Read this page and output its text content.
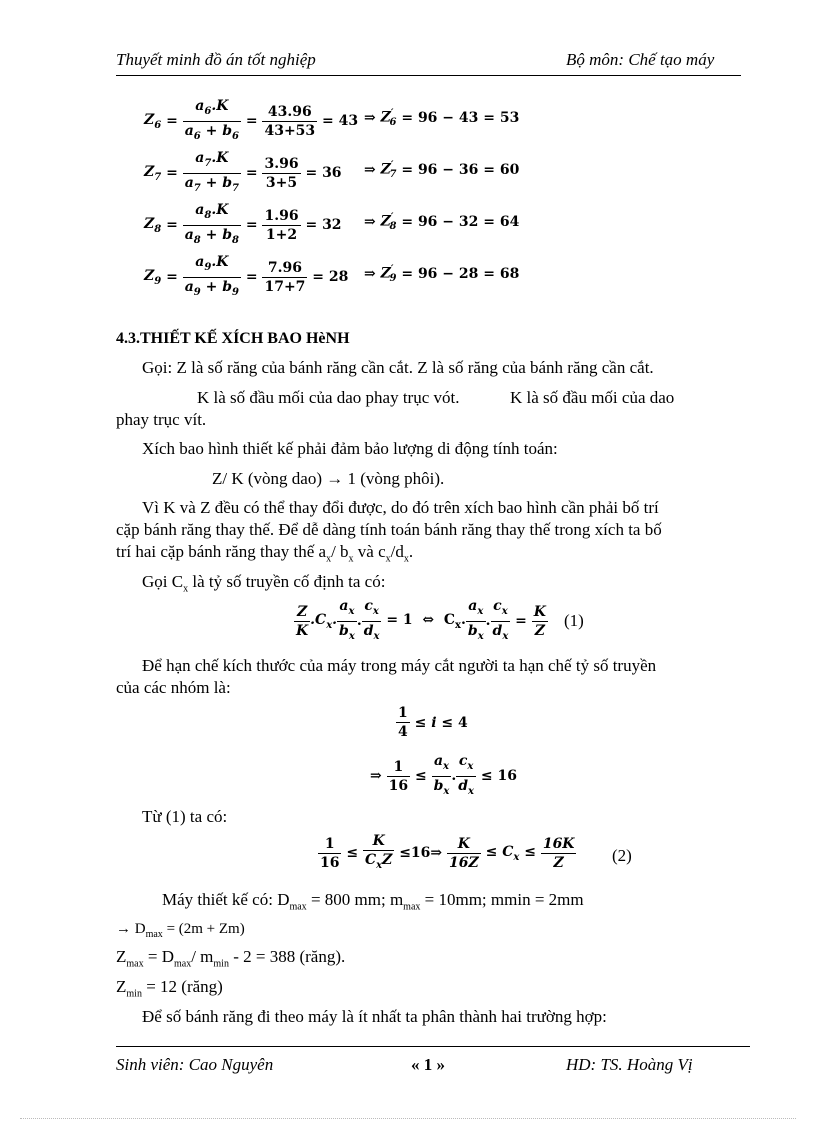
Thuyết minh đồ án tốt nghiệp	Bộ môn: Chế tạo máy
$Z_6 = \frac{a_6.K}{a_6 + b_6} = \frac{43.96}{43+53} = 43$ ⇒ $Z'_6 = 96 - 43 = 53$
$Z_7 = \frac{a_7.K}{a_7 + b_7} = \frac{3.96}{3+5} = 36$ ⇒ $Z'_7 = 96 - 36 = 60$
$Z_8 = \frac{a_8.K}{a_8 + b_8} = \frac{1.96}{1+2} = 32$ ⇒ $Z'_8 = 96 - 32 = 64$
$Z_9 = \frac{a_9.K}{a_9 + b_9} = \frac{7.96}{17+7} = 28$ ⇒ $Z'_9 = 96 - 28 = 68$
4.3.THIẾT KẾ XÍCH BAO HèNH
Gọi: Z là số răng của bánh răng cần cắt. Z là số răng của bánh răng cần cắt.
K là số đầu mối của dao phay trục vót.	K là số đầu mối của dao
phay trục vít.
Xích bao hình thiết kế phải đảm bảo lượng di động tính toán:
Z/ K (vòng dao) → 1 (vòng phôi).
Vì K và Z đều có thể thay đổi được, do đó trên xích bao hình cần phải bố trí
cặp bánh răng thay thế. Để dễ dàng tính toán bánh răng thay thế trong xích ta bố
trí hai cặp bánh răng thay thế $a_x/$ $b_x$ và $c_x/d_x$.
Gọi $C_x$ là tỷ số truyền cố định ta có:
$\frac{Z}{K} .C_x$. $\frac{a_x}{b_x}$ . $\frac{c_x}{d_x} = 1$  ⇔  $C_x$. $\frac{a_x}{b_x}$ . $\frac{c_x}{d_x} = \frac{K}{Z} (1)$
Để hạn chế kích thước của máy trong máy cắt người ta hạn chế tỷ số truyền
của các nhóm là:
$\frac{1}{4} \le i \le 4$
⇒ $\frac{1}{16} \le \frac{a_x}{b_x}$ . $\frac{c_x}{d_x} \le 16$
Từ (1) ta có:
$\frac{1}{16} \le \frac{K}{C_xZ}$ ≤16⇒ $\frac{K}{16Z} \le C_x \le \frac{16K}{Z} (2)$
Máy thiết kế có: $D_{max} = 800$ mm; $m_{max} = 10mm$; mmin = 2mm
→ $D_{max} = (2m + Zm)$
$Z_{max} = D_{max}/$ $m_{min} - 2 = 388$ (răng).
$Z_{min} = 12$ (răng)
Để số bánh răng đi theo máy là ít nhất ta phân thành hai trường hợp:
Sinh viên: Cao Nguyên	« 1 »	HD: TS. Hoàng Vị
